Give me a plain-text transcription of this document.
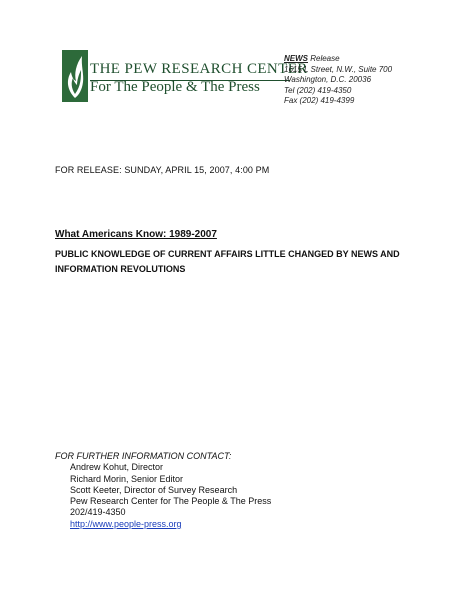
THE PEW RESEARCH CENTER
For The People & The Press
NEWS Release
1615 L Street, N.W., Suite 700
Washington, D.C. 20036
Tel (202) 419-4350
Fax (202) 419-4399
FOR RELEASE: SUNDAY, APRIL 15, 2007, 4:00 PM
What Americans Know: 1989-2007
PUBLIC KNOWLEDGE OF CURRENT AFFAIRS LITTLE CHANGED BY NEWS AND INFORMATION REVOLUTIONS
FOR FURTHER INFORMATION CONTACT:
Andrew Kohut, Director
Richard Morin, Senior Editor
Scott Keeter, Director of Survey Research
Pew Research Center for The People & The Press
202/419-4350
http://www.people-press.org
